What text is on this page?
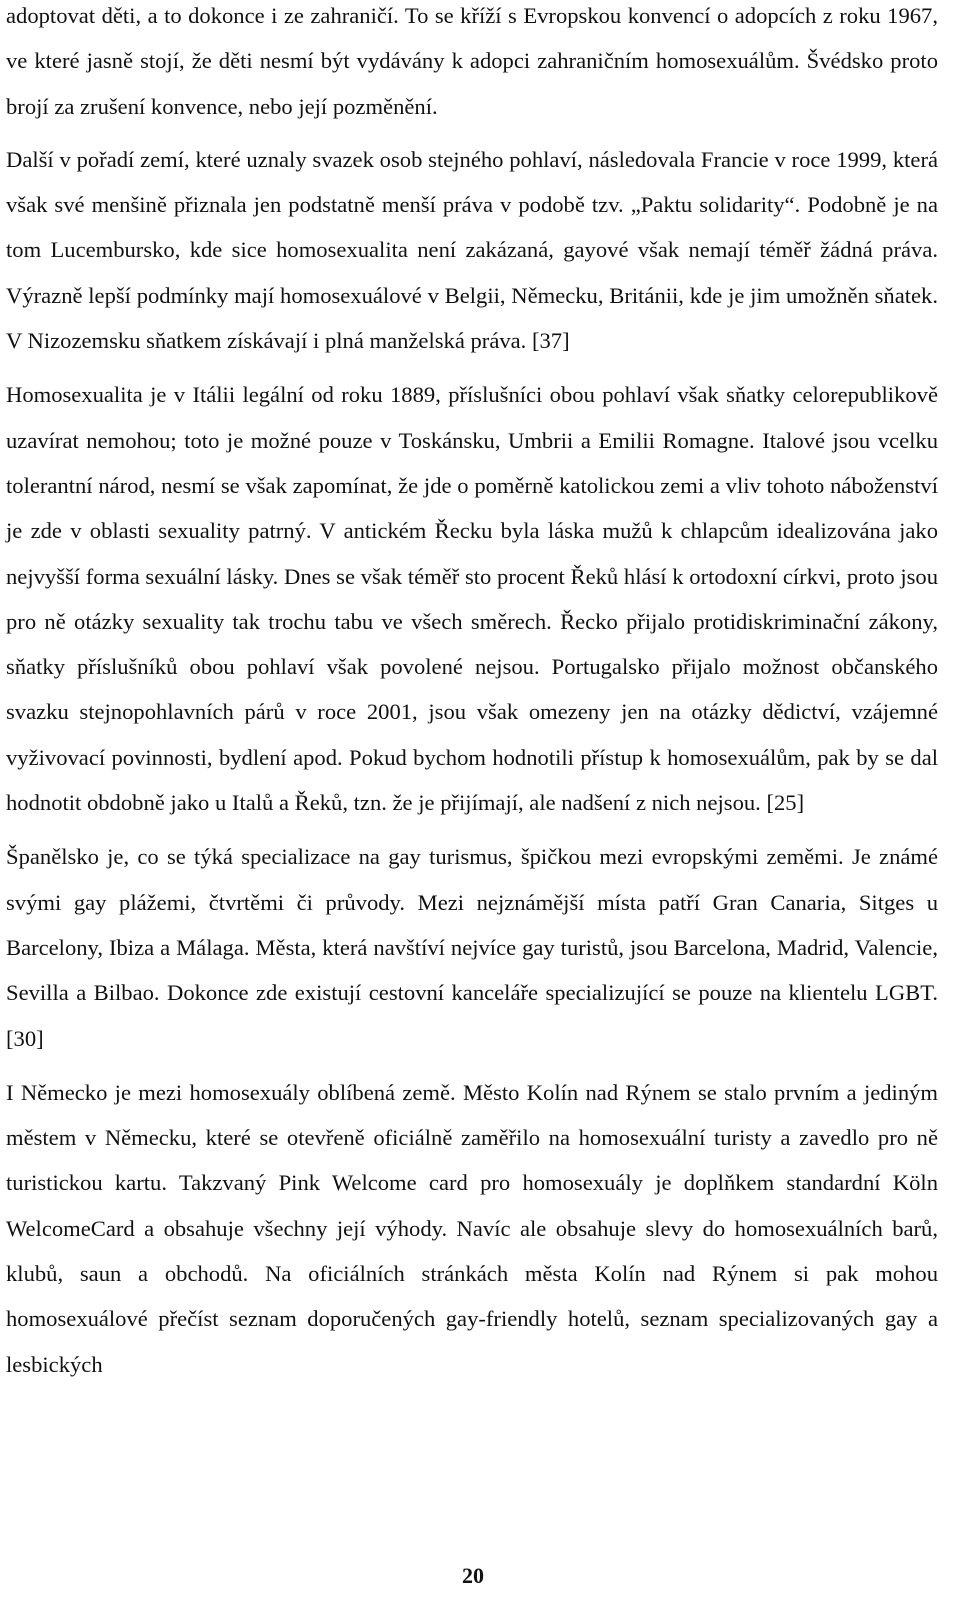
adoptovat děti, a to dokonce i ze zahraničí. To se kříží s Evropskou konvencí o adopcích z roku 1967, ve které jasně stojí, že děti nesmí být vydávány k adopci zahraničním homosexuálům. Švédsko proto brojí za zrušení konvence, nebo její pozměnění.

Další v pořadí zemí, které uznaly svazek osob stejného pohlaví, následovala Francie v roce 1999, která však své menšině přiznala jen podstatně menší práva v podobě tzv. „Paktu solidarity“. Podobně je na tom Lucembursko, kde sice homosexualita není zakázaná, gayové však nemají téměř žádná práva. Výrazně lepší podmínky mají homosexuálové v Belgii, Německu, Británii, kde je jim umožněn sňatek. V Nizozemsku sňatkem získávají i plná manželská práva. [37]

Homosexualita je v Itálii legální od roku 1889, příslušníci obou pohlaví však sňatky celorepublikově uzavírat nemohou; toto je možné pouze v Toskánsku, Umbrii a Emilii Romagne. Italové jsou vcelku tolerantní národ, nesmí se však zapomínat, že jde o poměrně katolickou zemi a vliv tohoto náboženství je zde v oblasti sexuality patrný. V antickém Řecku byla láska mužů k chlapcům idealizována jako nejvyšší forma sexuální lásky. Dnes se však téměř sto procent Řeků hlásí k ortodoxní církvi, proto jsou pro ně otázky sexuality tak trochu tabu ve všech směrech. Řecko přijalo protidiskriminační zákony, sňatky příslušníků obou pohlaví však povolené nejsou. Portugalsko přijalo možnost občanského svazku stejnopohlavních párů v roce 2001, jsou však omezeny jen na otázky dědictví, vzájemné vyživovací povinnosti, bydlení apod. Pokud bychom hodnotili přístup k homosexuálům, pak by se dal hodnotit obdobně jako u Italů a Řeků, tzn. že je přijímají, ale nadšení z nich nejsou. [25]

Španělsko je, co se týká specializace na gay turismus, špičkou mezi evropskými zeměmi. Je známé svými gay plážemi, čtvrtěmi či průvody. Mezi nejznámější místa patří Gran Canaria, Sitges u Barcelony, Ibiza a Málaga. Města, která navštíví nejvíce gay turistů, jsou Barcelona, Madrid, Valencie, Sevilla a Bilbao. Dokonce zde existují cestovní kanceláře specializující se pouze na klientelu LGBT. [30]

I Německo je mezi homosexuály oblíbená země. Město Kolín nad Rýnem se stalo prvním a jediným městem v Německu, které se otevřeně oficiálně zaměřilo na homosexuální turisty a zavedlo pro ně turistickou kartu. Takzvaný Pink Welcome card pro homosexuály je doplňkem standardní Köln WelcomeCard a obsahuje všechny její výhody. Navíc ale obsahuje slevy do homosexuálních barů, klubů, saun a obchodů. Na oficiálních stránkách města Kolín nad Rýnem si pak mohou homosexuálové přečíst seznam doporučených gay-friendly hotelů, seznam specializovaných gay a lesbických

20
